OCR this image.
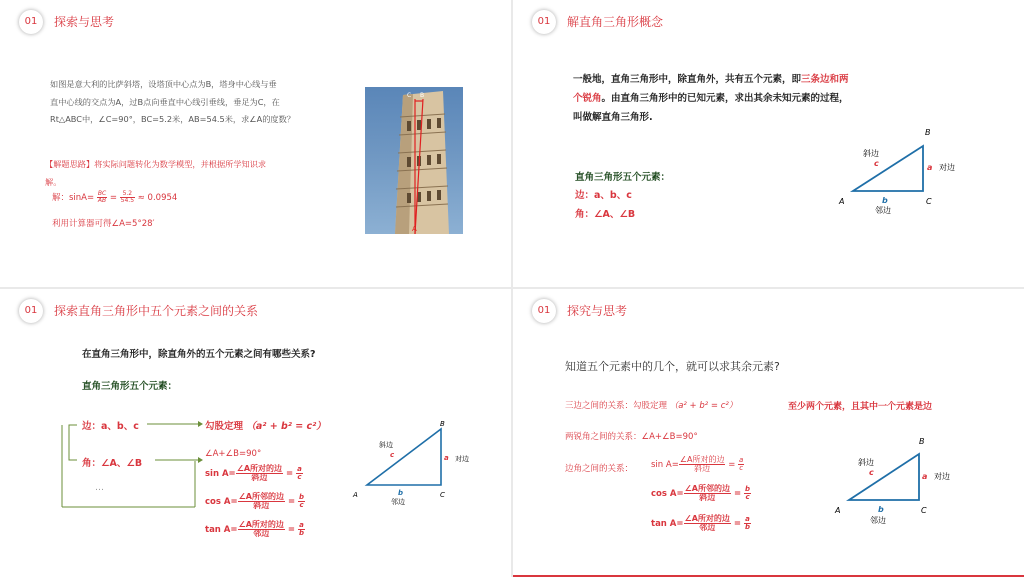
01	探索与思考
如图是意大利的比萨斜塔，设塔顶中心点为B，塔身中心线与垂
直中心线的交点为A，过B点向垂直中心线引垂线，垂足为C，在
Rt△ABC中，∠C=90°，BC=5.2米，AB=54.5米，求∠A的度数？
【解题思路】将实际问题转化为数学模型，并根据所学知识求
解。
解：$\sin A= \frac{BC}{AB} = \frac{5.2}{54.5} \approx 0.0954$
利用计算器可得∠A=5°28′
B
C
A
01	解直角三角形概念
一般地，直角三角形中，除直角外，共有五个元素，即三条边和两
个锐角。由直角三角形中的已知元素，求出其余未知元素的过程，
叫做解直角三角形.
直角三角形五个元素：
边：a、b、c
角：∠A、∠B
A
B
C
a
b
c
斜边
对边
邻边
01	探索直角三角形中五个元素之间的关系
在直角三角形中，除直角外的五个元素之间有哪些关系?
直角三角形五个元素：
边：a、b、c	勾股定理 （a² + b² = c²）
角：∠A、∠B
∠A+∠B=90°
…
$\sin A= \frac{\text{∠A所对的边}}{\text{斜边}} = \frac{a}{c}$
$\cos A= \frac{\text{∠A所邻的边}}{\text{斜边}} = \frac{b}{c}$
$\tan A= \frac{\text{∠A所对的边}}{\text{邻边}} = \frac{a}{b}$
A
B
C
a
b
c
斜边
对边
邻边
01	探究与思考
知道五个元素中的几个，就可以求其余元素?
三边之间的关系：勾股定理 （a² + b² = c²）	至少两个元素，且其中一个元素是边
两锐角之间的关系：∠A+∠B=90°
边角之间的关系： $\sin A= \frac{\text{∠A所对的边}}{\text{斜边}} = \frac{a}{c}$
$\cos A= \frac{\text{∠A所邻的边}}{\text{斜边}} = \frac{b}{c}$
$\tan A= \frac{\text{∠A所对的边}}{\text{邻边}} = \frac{a}{b}$
A
B
C
a
b
c
斜边
对边
邻边
